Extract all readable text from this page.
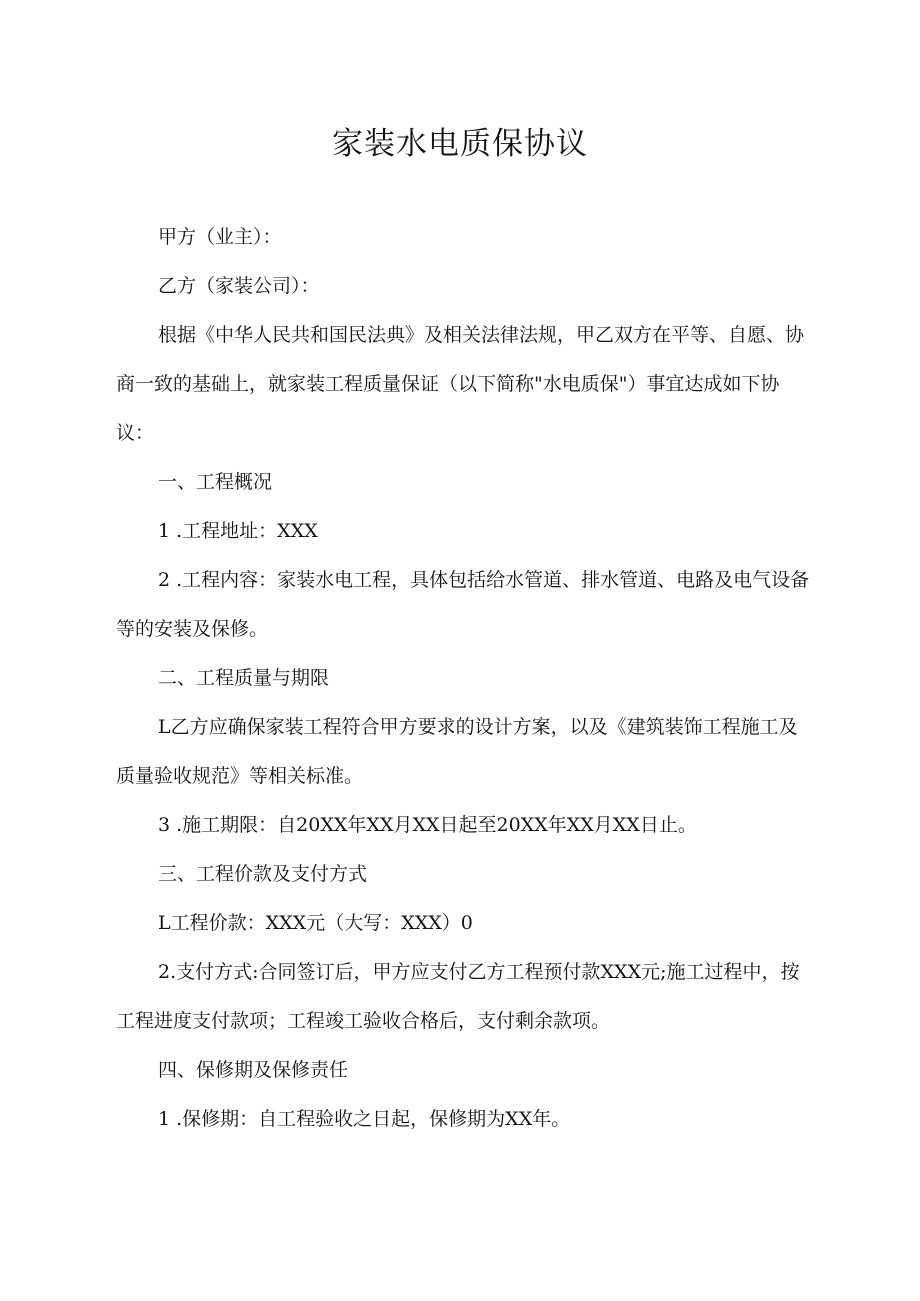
家装水电质保协议

甲方（业主）：

乙方（家装公司）：

根据《中华人民共和国民法典》及相关法律法规，甲乙双方在平等、自愿、协商一致的基础上，就家装工程质量保证（以下简称"水电质保"）事宜达成如下协议：

一、工程概况

1 .工程地址：XXX

2 .工程内容：家装水电工程，具体包括给水管道、排水管道、电路及电气设备等的安装及保修。

二、工程质量与期限

L乙方应确保家装工程符合甲方要求的设计方案，以及《建筑装饰工程施工及质量验收规范》等相关标准。

3 .施工期限：自20XX年XX月XX日起至20XX年XX月XX日止。

三、工程价款及支付方式

L工程价款：XXX元（大写：XXX）0

2.支付方式:合同签订后，甲方应支付乙方工程预付款XXX元;施工过程中，按工程进度支付款项；工程竣工验收合格后，支付剩余款项。

四、保修期及保修责任

1 .保修期：自工程验收之日起，保修期为XX年。
